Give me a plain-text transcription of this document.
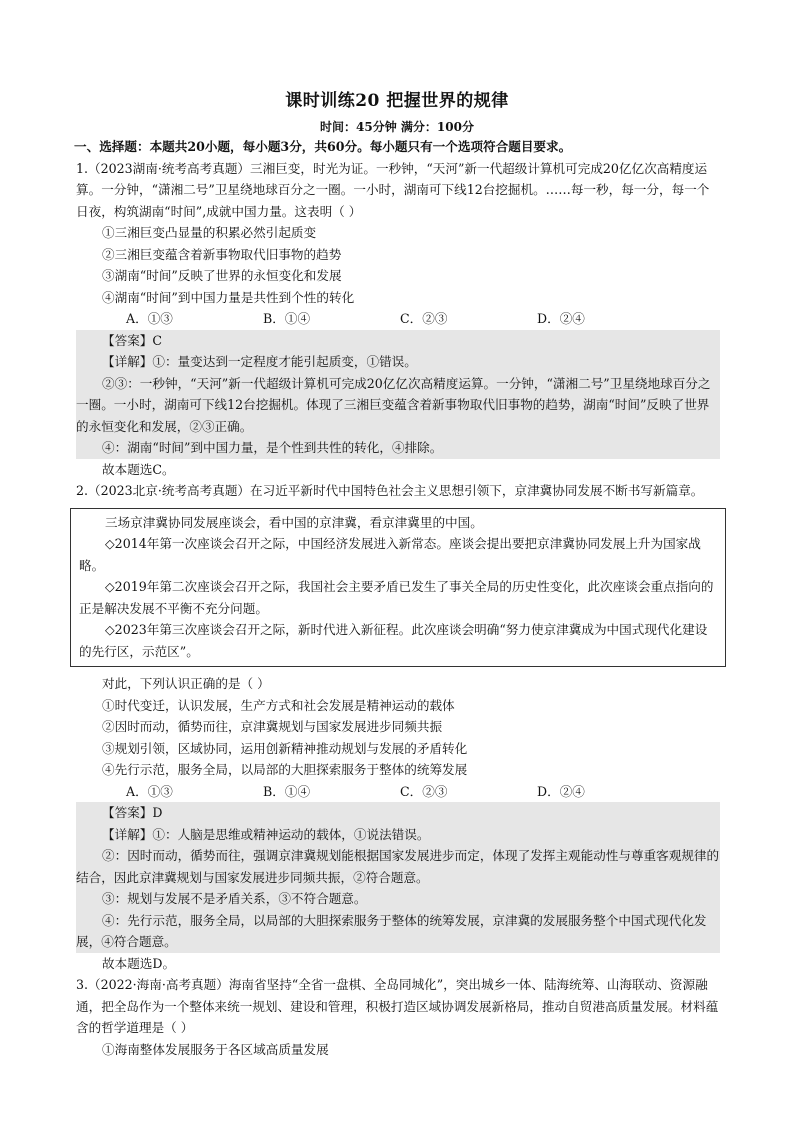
课时训练20 把握世界的规律
时间：45分钟 满分：100分

一、选择题：本题共20小题，每小题3分，共60分。每小题只有一个选项符合题目要求。

1.（2023湖南·统考高考真题）三湘巨变，时光为证。一秒钟，“天河”新一代超级计算机可完成20亿亿次高精度运算。一分钟，“潇湘二号”卫星绕地球百分之一圈。一小时，湖南可下线12台挖掘机。……每一秒，每一分，每一个日夜，构筑湖南“时间”,成就中国力量。这表明（ ）

①三湘巨变凸显量的积累必然引起质变

②三湘巨变蕴含着新事物取代旧事物的趋势

③湖南“时间”反映了世界的永恒变化和发展

④湖南“时间”到中国力量是共性到个性的转化

A．①③	B．①④	C．②③	D．②④

【答案】C

【详解】①：量变达到一定程度才能引起质变，①错误。

②③：一秒钟，“天河”新一代超级计算机可完成20亿亿次高精度运算。一分钟，“潇湘二号”卫星绕地球百分之一圈。一小时，湖南可下线12台挖掘机。体现了三湘巨变蕴含着新事物取代旧事物的趋势，湖南“时间”反映了世界的永恒变化和发展，②③正确。

④：湖南“时间”到中国力量，是个性到共性的转化，④排除。

故本题选C。

2.（2023北京·统考高考真题）在习近平新时代中国特色社会主义思想引领下，京津冀协同发展不断书写新篇章。

三场京津冀协同发展座谈会，看中国的京津冀，看京津冀里的中国。

◇2014年第一次座谈会召开之际，中国经济发展进入新常态。座谈会提出要把京津冀协同发展上升为国家战略。

◇2019年第二次座谈会召开之际，我国社会主要矛盾已发生了事关全局的历史性变化，此次座谈会重点指向的正是解决发展不平衡不充分问题。

◇2023年第三次座谈会召开之际，新时代进入新征程。此次座谈会明确“努力使京津冀成为中国式现代化建设的先行区，示范区”。

对此，下列认识正确的是（ ）

①时代变迁，认识发展，生产方式和社会发展是精神运动的载体

②因时而动，循势而往，京津冀规划与国家发展进步同频共振

③规划引领，区域协同，运用创新精神推动规划与发展的矛盾转化

④先行示范，服务全局，以局部的大胆探索服务于整体的统筹发展

A．①③	B．①④	C．②③	D．②④

【答案】D

【详解】①：人脑是思维或精神运动的载体，①说法错误。

②：因时而动，循势而往，强调京津冀规划能根据国家发展进步而定，体现了发挥主观能动性与尊重客观规律的结合，因此京津冀规划与国家发展进步同频共振，②符合题意。

③：规划与发展不是矛盾关系，③不符合题意。

④：先行示范，服务全局，以局部的大胆探索服务于整体的统筹发展，京津冀的发展服务整个中国式现代化发展，④符合题意。

故本题选D。

3.（2022·海南·高考真题）海南省坚持“全省一盘棋、全岛同城化”，突出城乡一体、陆海统筹、山海联动、资源融通，把全岛作为一个整体来统一规划、建设和管理，积极打造区域协调发展新格局，推动自贸港高质量发展。材料蕴含的哲学道理是（ ）

①海南整体发展服务于各区域高质量发展
